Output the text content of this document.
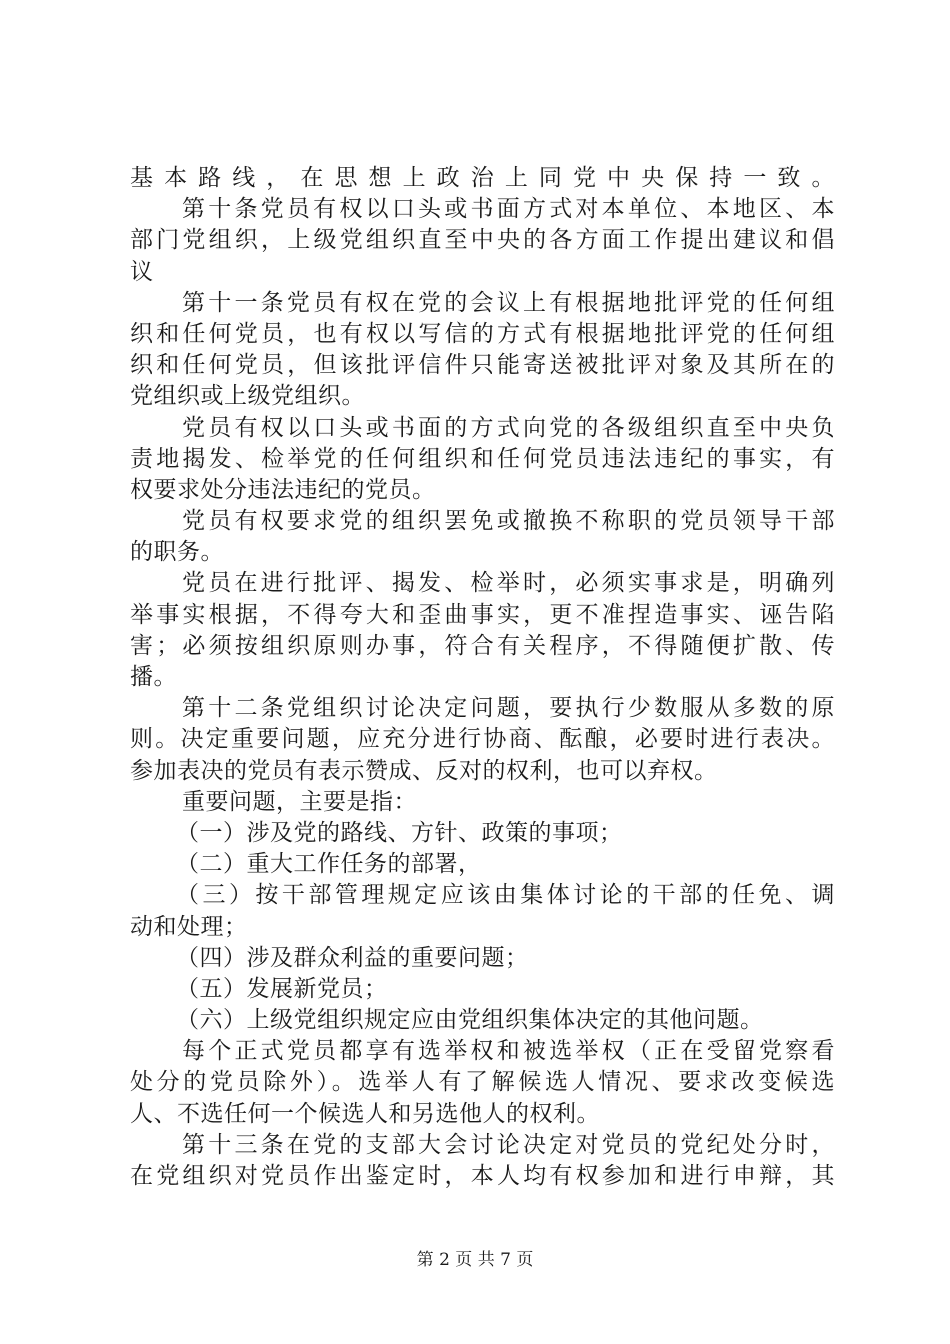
基本路线，在思想上政治上同党中央保持一致。
第十条党员有权以口头或书面方式对本单位、本地区、本
部门党组织，上级党组织直至中央的各方面工作提出建议和倡
议
第十一条党员有权在党的会议上有根据地批评党的任何组
织和任何党员，也有权以写信的方式有根据地批评党的任何组
织和任何党员，但该批评信件只能寄送被批评对象及其所在的
党组织或上级党组织。
党员有权以口头或书面的方式向党的各级组织直至中央负
责地揭发、检举党的任何组织和任何党员违法违纪的事实，有
权要求处分违法违纪的党员。
党员有权要求党的组织罢免或撤换不称职的党员领导干部
的职务。
党员在进行批评、揭发、检举时，必须实事求是，明确列
举事实根据，不得夸大和歪曲事实，更不准捏造事实、诬告陷
害；必须按组织原则办事，符合有关程序，不得随便扩散、传
播。
第十二条党组织讨论决定问题，要执行少数服从多数的原
则。决定重要问题，应充分进行协商、酝酿，必要时进行表决。
参加表决的党员有表示赞成、反对的权利，也可以弃权。
重要问题，主要是指：
（一）涉及党的路线、方针、政策的事项；
（二）重大工作任务的部署，
（三）按干部管理规定应该由集体讨论的干部的任免、调
动和处理；
（四）涉及群众利益的重要问题；
（五）发展新党员；
（六）上级党组织规定应由党组织集体决定的其他问题。
每个正式党员都享有选举权和被选举权（正在受留党察看
处分的党员除外）。选举人有了解候选人情况、要求改变候选
人、不选任何一个候选人和另选他人的权利。
第十三条在党的支部大会讨论决定对党员的党纪处分时，
在党组织对党员作出鉴定时，本人均有权参加和进行申辩，其
第 2 页 共 7 页
